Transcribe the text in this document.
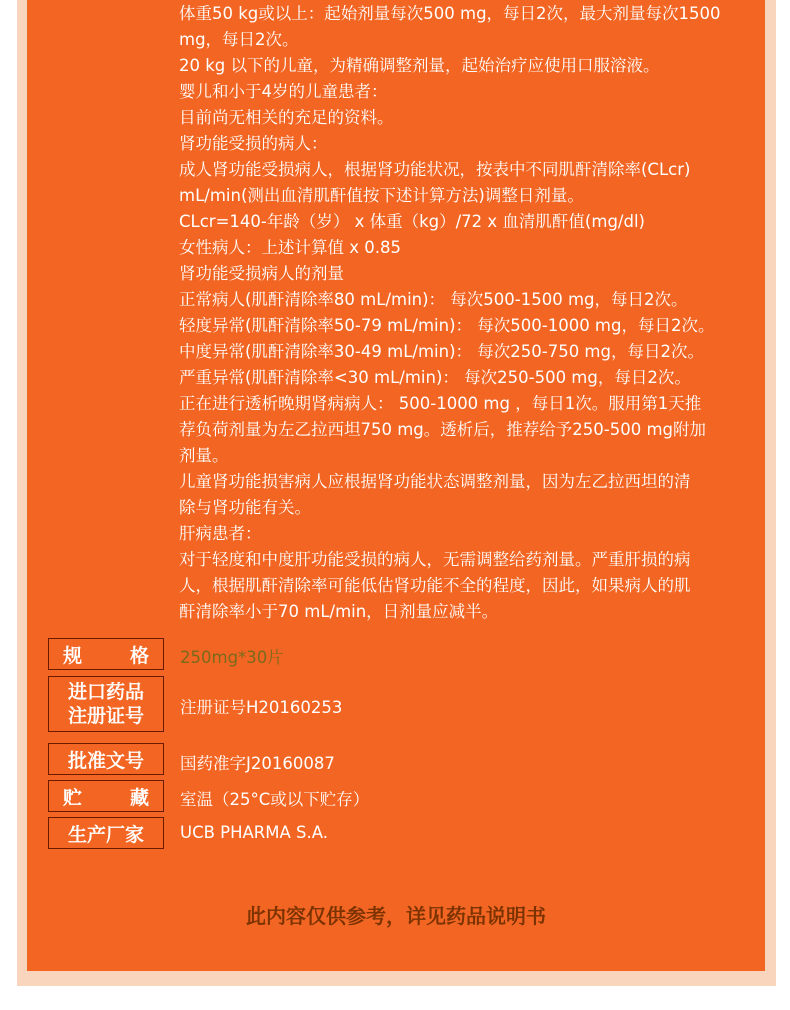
体重50 kg或以上：起始剂量每次500 mg，每日2次，最大剂量每次1500
mg，每日2次。
20 kg 以下的儿童，为精确调整剂量，起始治疗应使用口服溶液。
婴儿和小于4岁的儿童患者：
目前尚无相关的充足的资料。
肾功能受损的病人：
成人肾功能受损病人，根据肾功能状况，按表中不同肌酐清除率(CLcr)
mL/min(测出血清肌酐值按下述计算方法)调整日剂量。
CLcr=140-年龄（岁） x 体重（kg）/72 x 血清肌酐值(mg/dl)
女性病人：上述计算值 x 0.85
肾功能受损病人的剂量
正常病人(肌酐清除率80 mL/min)： 每次500-1500 mg，每日2次。
轻度异常(肌酐清除率50-79 mL/min)： 每次500-1000 mg，每日2次。
中度异常(肌酐清除率30-49 mL/min)： 每次250-750 mg，每日2次。
严重异常(肌酐清除率<30 mL/min)： 每次250-500 mg，每日2次。
正在进行透析晚期肾病病人： 500-1000 mg ，每日1次。服用第1天推
荐负荷剂量为左乙拉西坦750 mg。透析后，推荐给予250-500 mg附加
剂量。
儿童肾功能损害病人应根据肾功能状态调整剂量，因为左乙拉西坦的清
除与肾功能有关。
肝病患者：
对于轻度和中度肝功能受损的病人，无需调整给药剂量。严重肝损的病
人，根据肌酐清除率可能低估肾功能不全的程度，因此，如果病人的肌
酐清除率小于70 mL/min，日剂量应减半。
规	格 250mg*30片
进口药品
注册证号 注册证号H20160253
批准文号	国药准字J20160087
贮	藏 室温（25°C或以下贮存）
生产厂家	UCB PHARMA S.A.
此内容仅供参考，详见药品说明书
